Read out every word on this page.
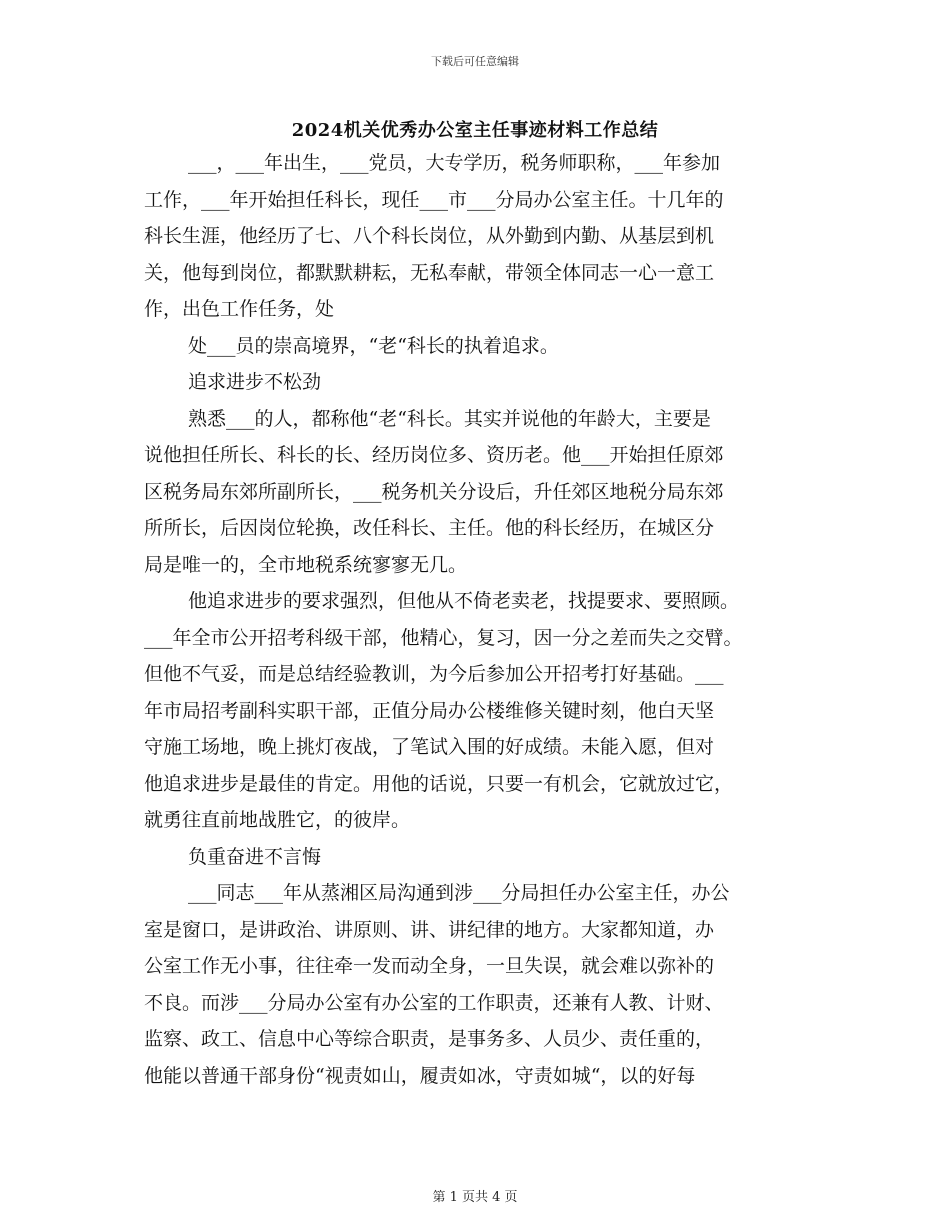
下载后可任意编辑
2024机关优秀办公室主任事迹材料工作总结
___，___年出生，___党员，大专学历，税务师职称，___年参加
工作，___年开始担任科长，现任___市___分局办公室主任。十几年的
科长生涯，他经历了七、八个科长岗位，从外勤到内勤、从基层到机
关，他每到岗位，都默默耕耘，无私奉献，带领全体同志一心一意工
作，出色工作任务，处
处___员的崇高境界，“老“科长的执着追求。
追求进步不松劲
熟悉___的人，都称他“老“科长。其实并说他的年龄大，主要是
说他担任所长、科长的长、经历岗位多、资历老。他___开始担任原郊
区税务局东郊所副所长，___税务机关分设后，升任郊区地税分局东郊
所所长，后因岗位轮换，改任科长、主任。他的科长经历，在城区分
局是唯一的，全市地税系统寥寥无几。
他追求进步的要求强烈，但他从不倚老卖老，找提要求、要照顾。
___年全市公开招考科级干部，他精心，复习，因一分之差而失之交臂。
但他不气妥，而是总结经验教训，为今后参加公开招考打好基础。___
年市局招考副科实职干部，正值分局办公楼维修关键时刻，他白天坚
守施工场地，晚上挑灯夜战，了笔试入围的好成绩。未能入愿，但对
他追求进步是最佳的肯定。用他的话说，只要一有机会，它就放过它，
就勇往直前地战胜它，的彼岸。
负重奋进不言悔
___同志___年从蒸湘区局沟通到涉___分局担任办公室主任，办公
室是窗口，是讲政治、讲原则、讲、讲纪律的地方。大家都知道，办
公室工作无小事，往往牵一发而动全身，一旦失误，就会难以弥补的
不良。而涉___分局办公室有办公室的工作职责，还兼有人教、计财、
监察、政工、信息中心等综合职责，是事务多、人员少、责任重的，
他能以普通干部身份“视责如山，履责如冰，守责如城“，以的好每
第 1 页共 4 页
